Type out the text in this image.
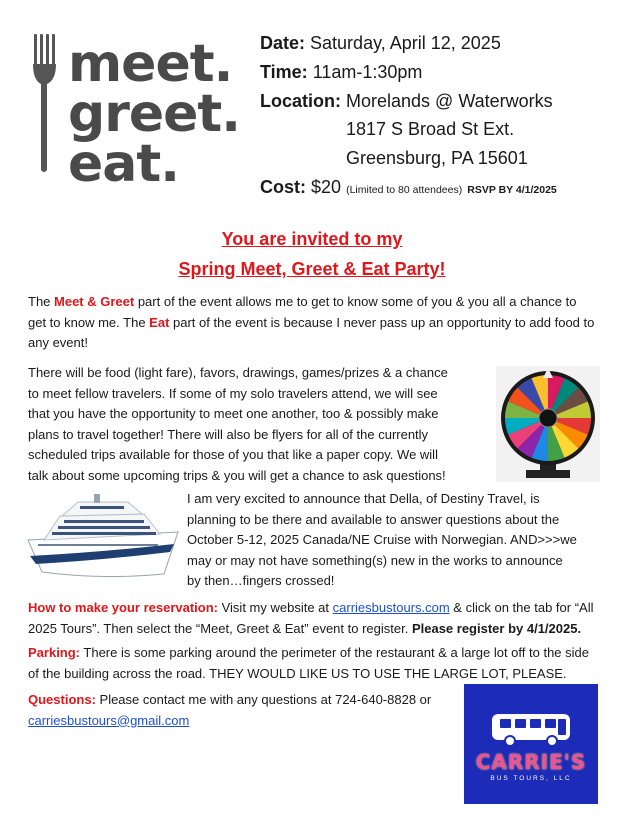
meet.
greet.
eat.
Date: Saturday, April 12, 2025
Time: 11am-1:30pm
Location: Morelands @ Waterworks
1817 S Broad St Ext.
Greensburg, PA 15601
Cost: $20 (Limited to 80 attendees) RSVP BY 4/1/2025
You are invited to my
Spring Meet, Greet & Eat Party!
The Meet & Greet part of the event allows me to get to know some of you & you all a chance to get to know me. The Eat part of the event is because I never pass up an opportunity to add food to any event!
There will be food (light fare), favors, drawings, games/prizes & a chance
to meet fellow travelers. If some of my solo travelers attend, we will see
that you have the opportunity to meet one another, too & possibly make
plans to travel together! There will also be flyers for all of the currently
scheduled trips available for those of you that like a paper copy. We will
talk about some upcoming trips & you will get a chance to ask questions!
I am very excited to announce that Della, of Destiny Travel, is
planning to be there and available to answer questions about the
October 5-12, 2025 Canada/NE Cruise with Norwegian. AND>>>we
may or may not have something(s) new in the works to announce
by then…fingers crossed!
How to make your reservation: Visit my website at carriesbustours.com & click on the tab for “All 2025 Tours”. Then select the “Meet, Greet & Eat” event to register. Please register by 4/1/2025.
Parking: There is some parking around the perimeter of the restaurant & a large lot off to the side of the building across the road. THEY WOULD LIKE US TO USE THE LARGE LOT, PLEASE.
Questions: Please contact me with any questions at 724-640-8828 or
carriesbustours@gmail.com
CARRIE'S
BUS TOURS, LLC
